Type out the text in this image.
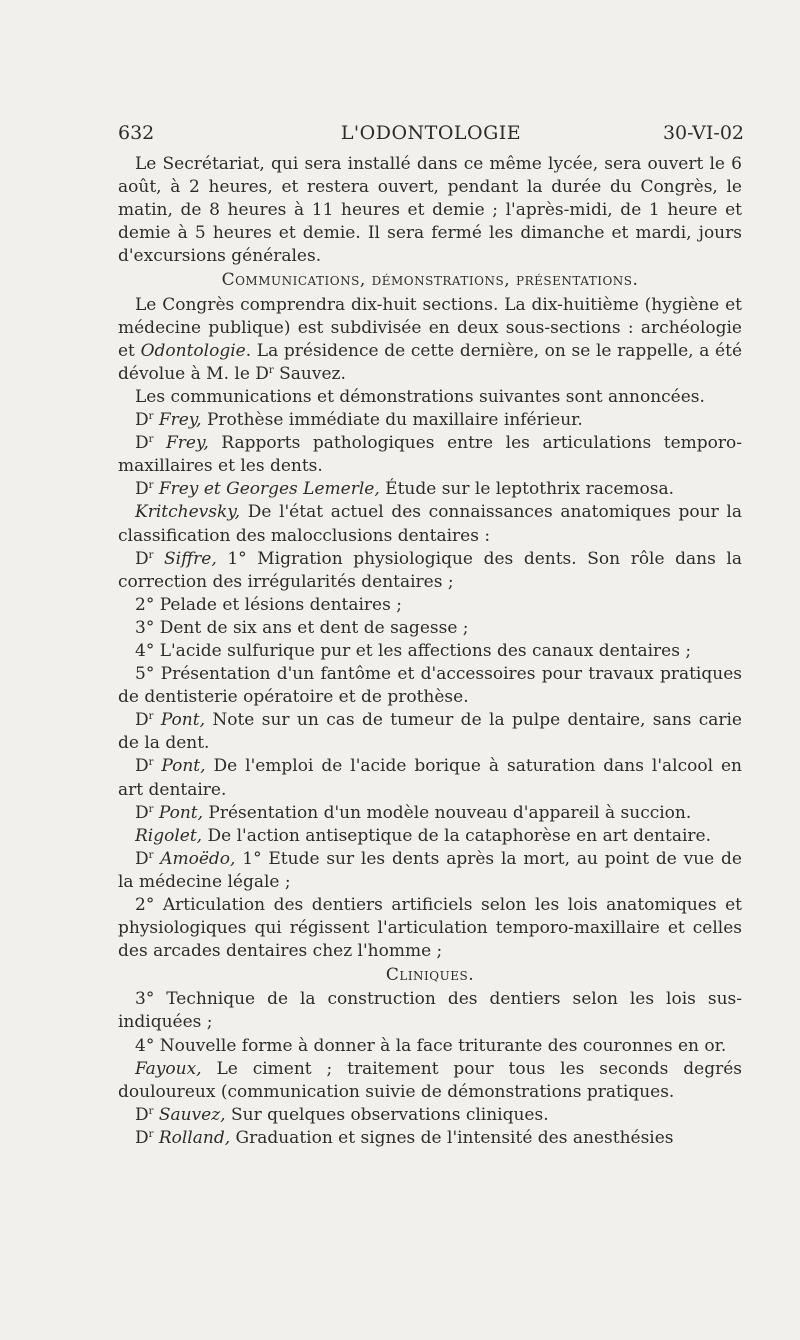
632	L'ODONTOLOGIE	30-VI-02

Le Secrétariat, qui sera installé dans ce même lycée, sera ouvert le 6 août, à 2 heures, et restera ouvert, pendant la durée du Congrès, le matin, de 8 heures à 11 heures et demie ; l'après-midi, de 1 heure et demie à 5 heures et demie. Il sera fermé les dimanche et mardi, jours d'excursions générales.

Communications, démonstrations, présentations.

Le Congrès comprendra dix-huit sections. La dix-huitième (hygiène et médecine publique) est subdivisée en deux sous-sections : archéologie et Odontologie. La présidence de cette dernière, on se le rappelle, a été dévolue à M. le $D^r$ Sauvez.

Les communications et démonstrations suivantes sont annoncées.

$D^r$ Frey, Prothèse immédiate du maxillaire inférieur.

$D^r$ Frey, Rapports pathologiques entre les articulations temporo-maxillaires et les dents.

$D^r$ Frey et Georges Lemerle, Étude sur le leptothrix racemosa.

Kritchevsky, De l'état actuel des connaissances anatomiques pour la classification des malocclusions dentaires :

$D^r$ Siffre, 1° Migration physiologique des dents. Son rôle dans la correction des irrégularités dentaires ;

2° Pelade et lésions dentaires ;

3° Dent de six ans et dent de sagesse ;

4° L'acide sulfurique pur et les affections des canaux dentaires ;

5° Présentation d'un fantôme et d'accessoires pour travaux pratiques de dentisterie opératoire et de prothèse.

$D^r$ Pont, Note sur un cas de tumeur de la pulpe dentaire, sans carie de la dent.

$D^r$ Pont, De l'emploi de l'acide borique à saturation dans l'alcool en art dentaire.

$D^r$ Pont, Présentation d'un modèle nouveau d'appareil à succion.

Rigolet, De l'action antiseptique de la cataphorèse en art dentaire.

$D^r$ Amoëdo, 1° Etude sur les dents après la mort, au point de vue de la médecine légale ;

2° Articulation des dentiers artificiels selon les lois anatomiques et physiologiques qui régissent l'articulation temporo-maxillaire et celles des arcades dentaires chez l'homme ;

Cliniques.

3° Technique de la construction des dentiers selon les lois sus-indiquées ;

4° Nouvelle forme à donner à la face triturante des couronnes en or.

Fayoux, Le ciment ; traitement pour tous les seconds degrés douloureux (communication suivie de démonstrations pratiques.

$D^r$ Sauvez, Sur quelques observations cliniques.

$D^r$ Rolland, Graduation et signes de l'intensité des anesthésies
